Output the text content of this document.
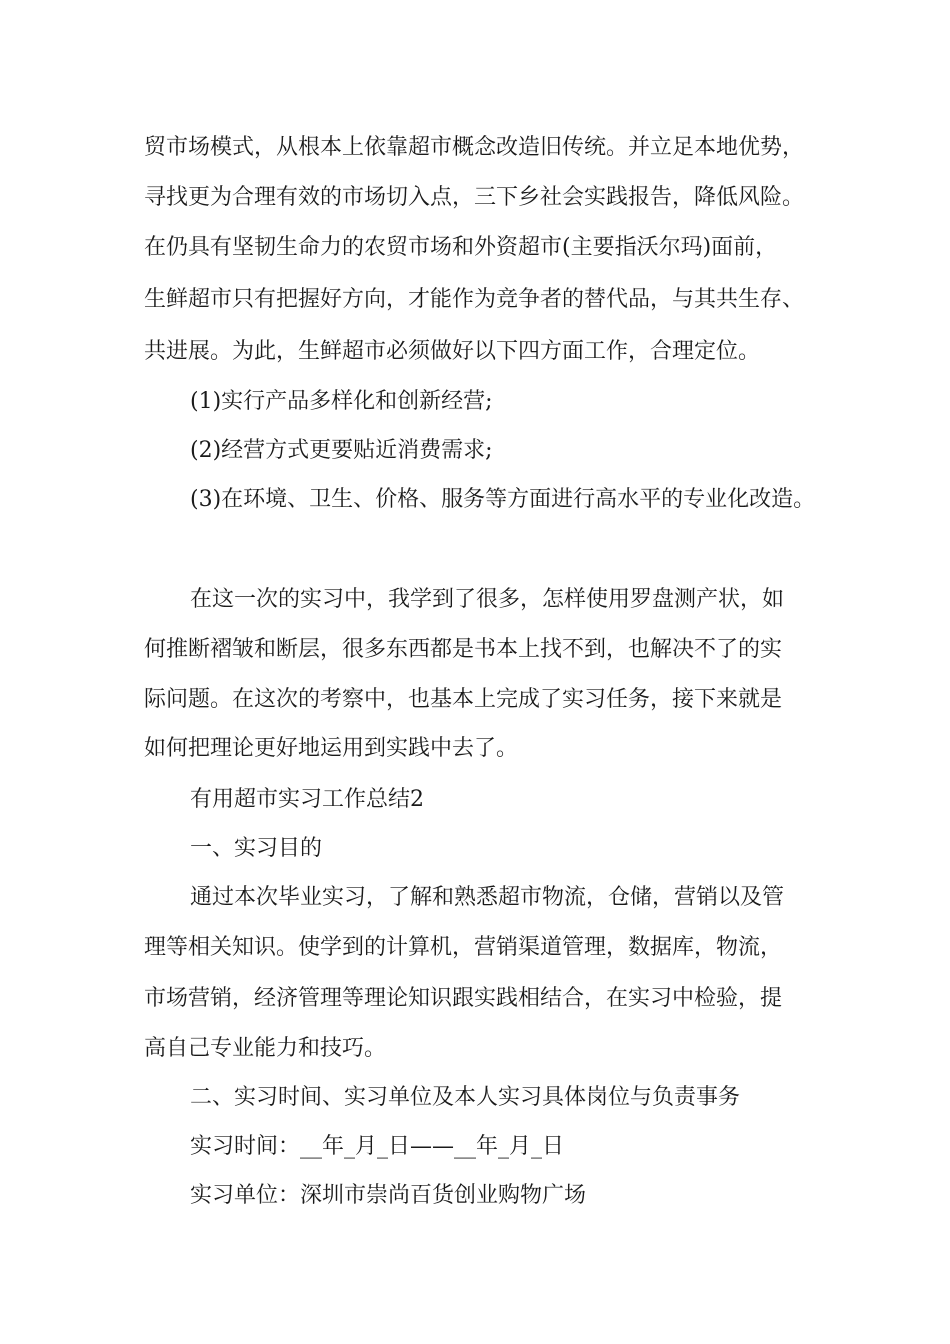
贸市场模式，从根本上依靠超市概念改造旧传统。并立足本地优势，
寻找更为合理有效的市场切入点，三下乡社会实践报告，降低风险。
在仍具有坚韧生命力的农贸市场和外资超市(主要指沃尔玛)面前，
生鲜超市只有把握好方向，才能作为竞争者的替代品，与其共生存、
共进展。为此，生鲜超市必须做好以下四方面工作，合理定位。
(1)实行产品多样化和创新经营;
(2)经营方式更要贴近消费需求;
(3)在环境、卫生、价格、服务等方面进行高水平的专业化改造。
在这一次的实习中，我学到了很多，怎样使用罗盘测产状，如
何推断褶皱和断层，很多东西都是书本上找不到，也解决不了的实
际问题。在这次的考察中，也基本上完成了实习任务，接下来就是
如何把理论更好地运用到实践中去了。
有用超市实习工作总结2
一、实习目的
通过本次毕业实习，了解和熟悉超市物流，仓储，营销以及管
理等相关知识。使学到的计算机，营销渠道管理，数据库，物流，
市场营销，经济管理等理论知识跟实践相结合，在实习中检验，提
高自己专业能力和技巧。
二、实习时间、实习单位及本人实习具体岗位与负责事务
实习时间：__年_月_日——__年_月_日
实习单位：深圳市崇尚百货创业购物广场
